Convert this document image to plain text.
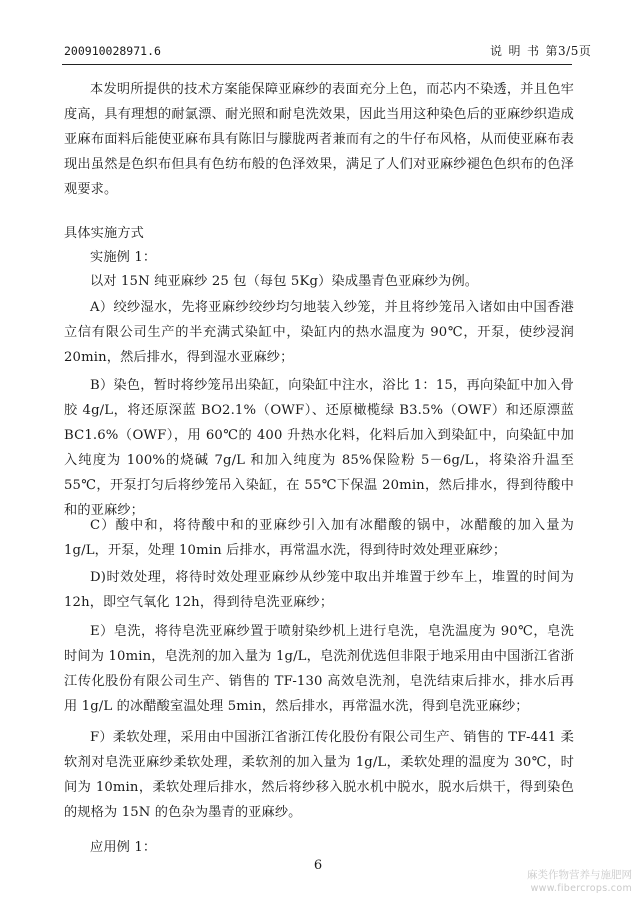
200910028971.6	说 明 书 第3/5页

本发明所提供的技术方案能保障亚麻纱的表面充分上色，而芯内不染透，并且色牢度高，具有理想的耐氯漂、耐光照和耐皂洗效果，因此当用这种染色后的亚麻纱织造成亚麻布面料后能使亚麻布具有陈旧与朦胧两者兼而有之的牛仔布风格，从而使亚麻布表现出虽然是色织布但具有色纺布般的色泽效果，满足了人们对亚麻纱褪色色织布的色泽观要求。

具体实施方式

实施例 1：

以对 15N 纯亚麻纱 25 包（每包 5Kg）染成墨青色亚麻纱为例。

A）绞纱湿水，先将亚麻纱绞纱均匀地装入纱笼，并且将纱笼吊入诸如由中国香港立信有限公司生产的半充满式染缸中，染缸内的热水温度为 90℃，开泵，使纱浸润 20min，然后排水，得到湿水亚麻纱；

B）染色，暂时将纱笼吊出染缸，向染缸中注水，浴比 1：15，再向染缸中加入骨胶 4g/L，将还原深蓝 BO2.1%（OWF）、还原橄榄绿 B3.5%（OWF）和还原漂蓝 BC1.6%（OWF），用 60℃的 400 升热水化料，化料后加入到染缸中，向染缸中加入纯度为 100%的烧碱 7g/L 和加入纯度为 85%保险粉 5－6g/L，将染浴升温至 55℃，开泵打匀后将纱笼吊入染缸，在 55℃下保温 20min，然后排水，得到待酸中和的亚麻纱；

C）酸中和，将待酸中和的亚麻纱引入加有冰醋酸的锅中，冰醋酸的加入量为 1g/L，开泵，处理 10min 后排水，再常温水洗，得到待时效处理亚麻纱；

D)时效处理，将待时效处理亚麻纱从纱笼中取出并堆置于纱车上，堆置的时间为 12h，即空气氧化 12h，得到待皂洗亚麻纱；

E）皂洗，将待皂洗亚麻纱置于喷射染纱机上进行皂洗，皂洗温度为 90℃，皂洗时间为 10min，皂洗剂的加入量为 1g/L，皂洗剂优选但非限于地采用由中国浙江省浙江传化股份有限公司生产、销售的 TF-130 高效皂洗剂，皂洗结束后排水，排水后再用 1g/L 的冰醋酸室温处理 5min，然后排水，再常温水洗，得到皂洗亚麻纱；

F）柔软处理，采用由中国浙江省浙江传化股份有限公司生产、销售的 TF-441 柔软剂对皂洗亚麻纱柔软处理，柔软剂的加入量为 1g/L，柔软处理的温度为 30℃，时间为 10min，柔软处理后排水，然后将纱移入脱水机中脱水，脱水后烘干，得到染色的规格为 15N 的色杂为墨青的亚麻纱。

应用例 1：

6
麻类作物营养与施肥网
www.fibercrops.com
